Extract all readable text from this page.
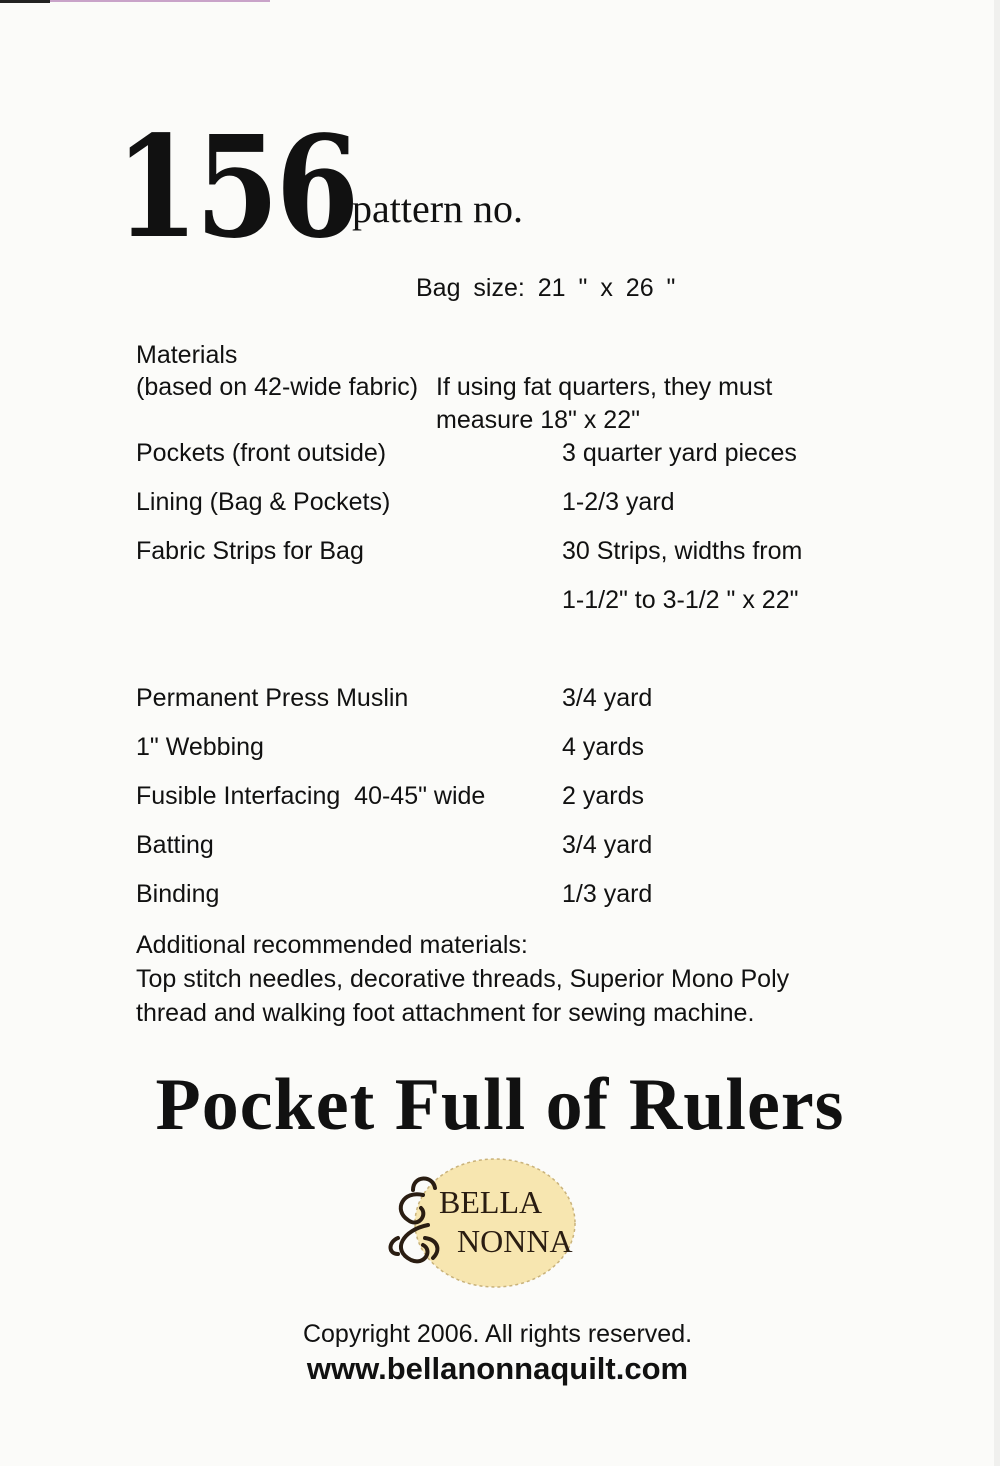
156
pattern no.
Bag size: 21 " x 26 "
Materials
(based on 42-wide fabric) If using fat quarters, they must
measure 18" x 22"
Pockets (front outside)	3 quarter yard pieces
Lining (Bag & Pockets)	1-2/3 yard
Fabric Strips for Bag	30 Strips, widths from
1-1/2" to 3-1/2 " x 22"
Permanent Press Muslin	3/4 yard
1" Webbing	4 yards
Fusible Interfacing  40-45" wide	2 yards
Batting	3/4 yard
Binding	1/3 yard
Additional recommended materials:
Top stitch needles, decorative threads, Superior Mono Poly thread and walking foot attachment for sewing machine.
Pocket Full of Rulers
BELLA
NONNA
Copyright 2006. All rights reserved.
www.bellanonnaquilt.com
